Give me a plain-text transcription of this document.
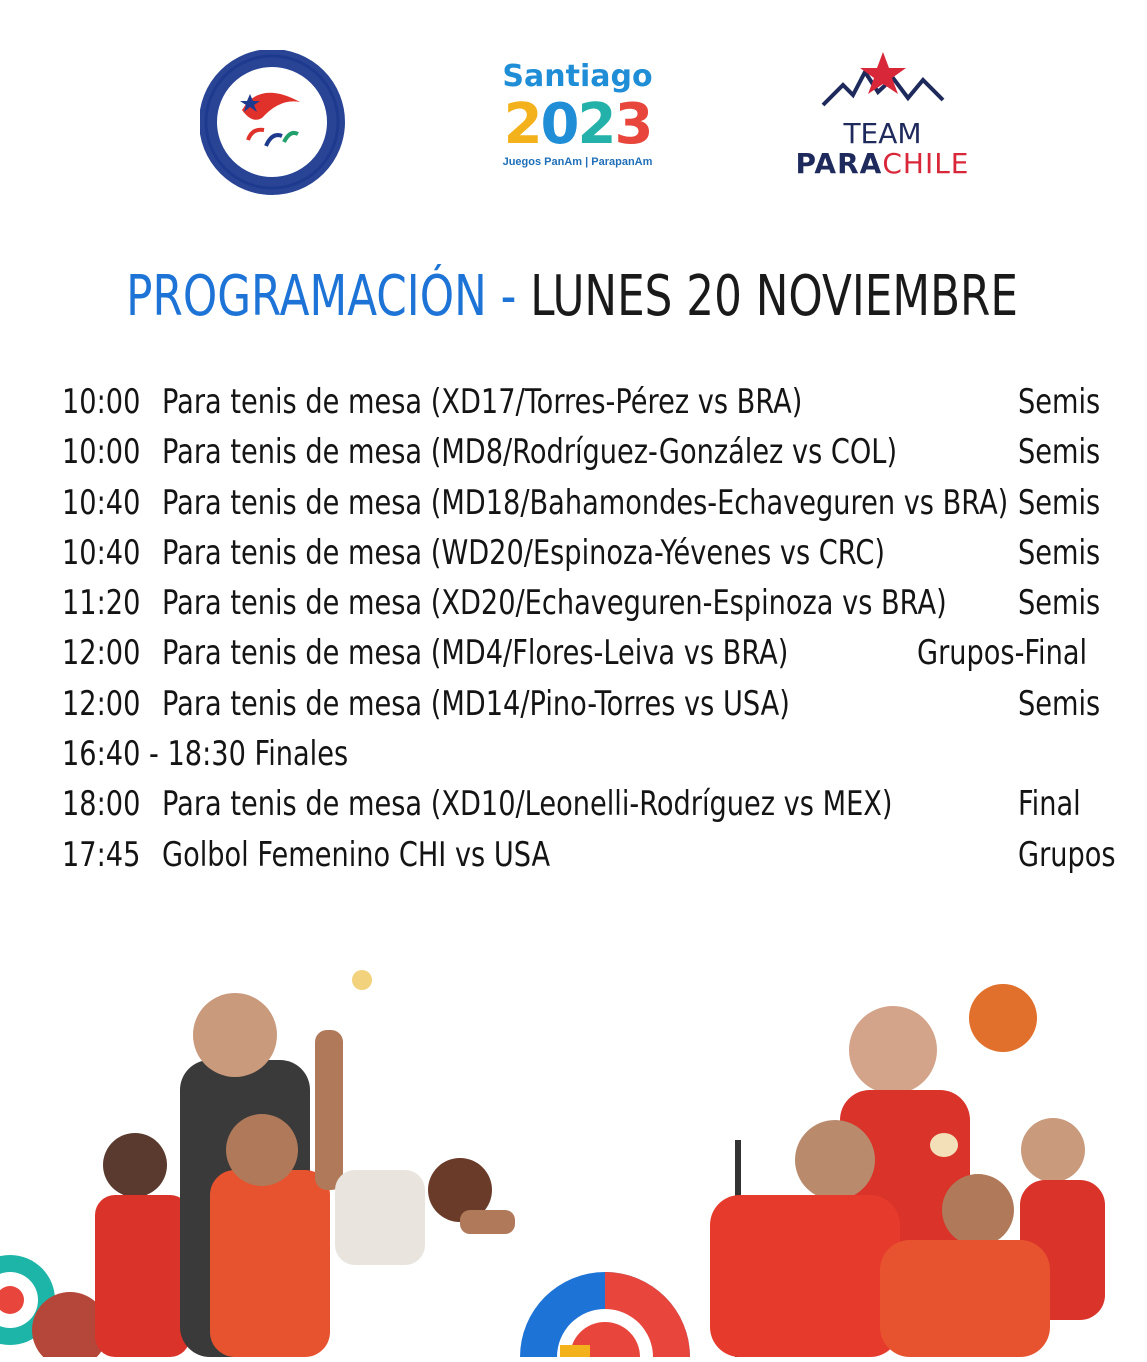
CHILE
COMITÉ PARALÍMPICO
Santiago
2023
Juegos PanAm | ParapanAm
TEAM
PARACHILE
PROGRAMACIÓN - LUNES 20 NOVIEMBRE
10:00 Para tenis de mesa (XD17/Torres-Pérez vs BRA)	Semis
10:00 Para tenis de mesa (MD8/Rodríguez-González vs COL)	Semis
10:40 Para tenis de mesa (MD18/Bahamondes-Echaveguren vs BRA) Semis
10:40 Para tenis de mesa (WD20/Espinoza-Yévenes vs CRC)	Semis
11:20 Para tenis de mesa (XD20/Echaveguren-Espinoza vs BRA) Semis
12:00 Para tenis de mesa (MD4/Flores-Leiva vs BRA)	Grupos-Final
12:00 Para tenis de mesa (MD14/Pino-Torres vs USA)	Semis
16:40 - 18:30 Finales
18:00 Para tenis de mesa (XD10/Leonelli-Rodríguez vs MEX)	Final
17:45 Golbol Femenino CHI vs USA	Grupos
